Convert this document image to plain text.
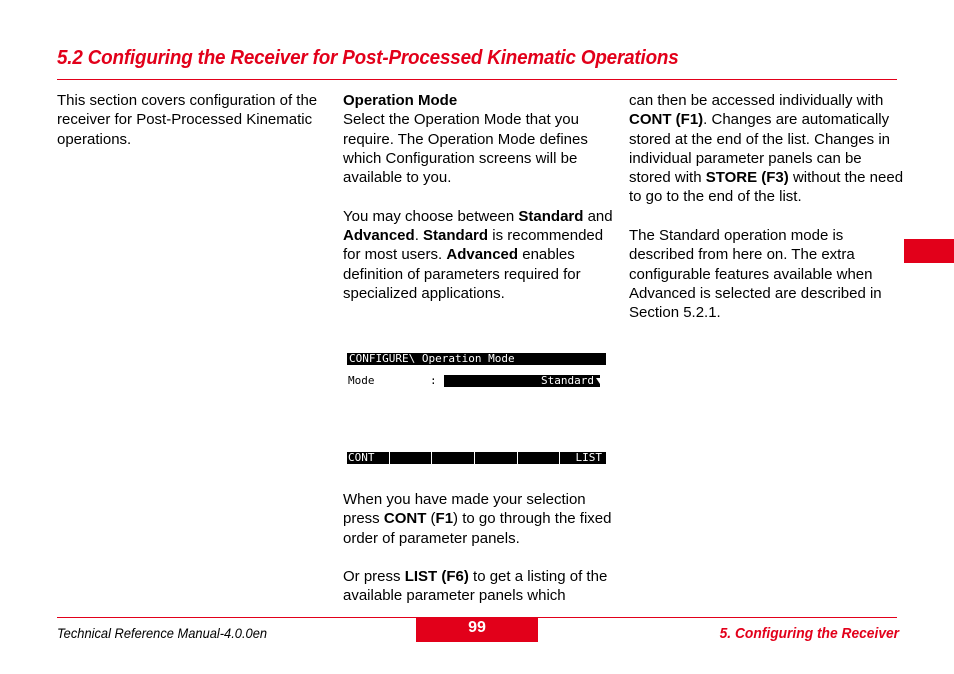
5.2 Configuring the Receiver for Post-Processed Kinematic Operations

This section covers configuration of the receiver for Post-Processed Kinematic operations.

Operation Mode

Select the Operation Mode that you require. The Operation Mode defines which Configuration screens will be available to you.

You may choose between Standard and Advanced. Standard is recommended for most users. Advanced enables definition of parameters required for specialized applications.

CONFIGURE\ Operation Mode
Mode	:	Standard
CONT	LIST

When you have made your selection press CONT (F1) to go through the fixed order of parameter panels.

Or press LIST (F6) to get a listing of the available parameter panels which

can then be accessed individually with CONT (F1). Changes are automatically stored at the end of the list. Changes in individual parameter panels can be stored with STORE (F3) without the need to go to the end of the list.

The Standard operation mode is described from here on. The extra configurable features available when Advanced is selected are described in Section 5.2.1.

Technical Reference Manual-4.0.0en	99	5. Configuring the Receiver
